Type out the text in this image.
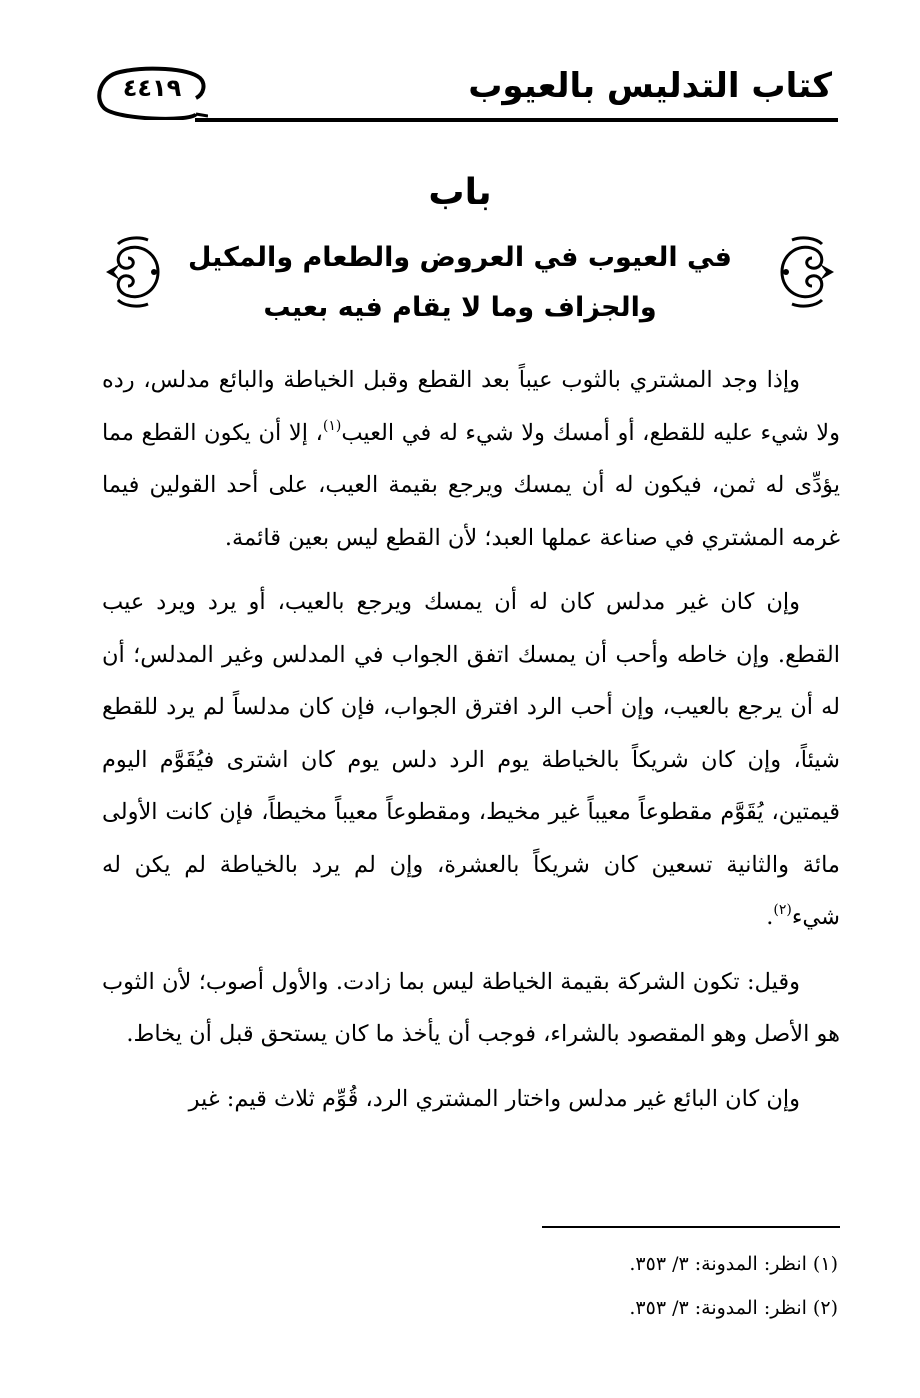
كتاب التدليس بالعيوب
٤٤١٩
باب
في العيوب في العروض والطعام والمكيل
والجزاف وما لا يقام فيه بعيب

وإذا وجد المشتري بالثوب عيباً بعد القطع وقبل الخياطة والبائع مدلس، رده ولا شيء عليه للقطع، أو أمسك ولا شيء له في العيب$^{(١)}$، إلا أن يكون القطع مما يؤدِّى له ثمن، فيكون له أن يمسك ويرجع بقيمة العيب، على أحد القولين فيما غرمه المشتري في صناعة عملها العبد؛ لأن القطع ليس بعين قائمة.

وإن كان غير مدلس كان له أن يمسك ويرجع بالعيب، أو يرد ويرد عيب القطع. وإن خاطه وأحب أن يمسك اتفق الجواب في المدلس وغير المدلس؛ أن له أن يرجع بالعيب، وإن أحب الرد افترق الجواب، فإن كان مدلساً لم يرد للقطع شيئاً، وإن كان شريكاً بالخياطة يوم الرد دلس يوم كان اشترى فيُقَوَّم اليوم قيمتين، يُقَوَّم مقطوعاً معيباً غير مخيط، ومقطوعاً معيباً مخيطاً، فإن كانت الأولى مائة والثانية تسعين كان شريكاً بالعشرة، وإن لم يرد بالخياطة لم يكن له شيء$^{(٢)}$.

وقيل: تكون الشركة بقيمة الخياطة ليس بما زادت. والأول أصوب؛ لأن الثوب هو الأصل وهو المقصود بالشراء، فوجب أن يأخذ ما كان يستحق قبل أن يخاط.

وإن كان البائع غير مدلس واختار المشتري الرد، قُوِّم ثلاث قيم: غير

(١) انظر: المدونة: ٣/ ٣٥٣.
(٢) انظر: المدونة: ٣/ ٣٥٣.
